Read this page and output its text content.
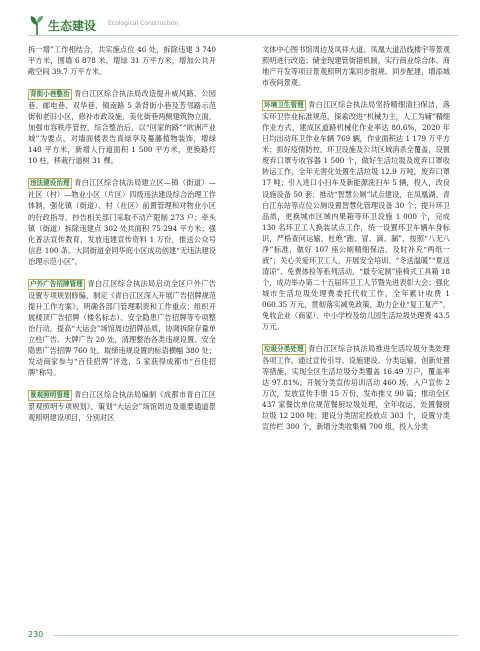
生态建设 Ecological Construction

拆一增”工作相结合，共实施点位 46 处，拆除违建 3 740 平方米，围墙 6 878 米，增绿 31 万平方米，增加公共开敞空间 39.7 万平方米。

背街小巷整治 青白江区综合执法局改造提升威风路、公园巷、邮电巷、双华巷、镇南路 5 条背街小巷及芳邻路示范街和老旧小区，修补市政设施，美化街巷两侧建筑物立面，加强市容秩序管控，综合整治后，以“回家的路”“欧洲产业城”为要点，对墙面楼表告真绿享及蔓藤植物装饰，增绿 140 平方米，新增人行道面积 1 500 平方米，更换路灯 10 柱，移栽行道树 31 棵。

违法建设治理 青白江区综合执法局建立区—镇（街道）—社区（村）—物业小区（片区）四级违法建设综合治理工作体制，强化镇（街道）、村（社区）前置管理和对物业小区的行政指导，抄告相关部门采取不动产限制 273 户；牵头镇（街道）拆除违建点 302 处共面积 75 294 平方米；强化普法宣传教育，发放违建宣传资料 1 万份，推送公众号信息 100 条。大同街道金同华庭小区成功创建“无违法建设治理示范小区”。

户外广告招牌管理 青白江区综合执法局启动全区户外广告设置专项规划修编，制定《青白江区深入开展广告招牌规范提升工作方案》，明确各部门管理职责和工作重点；组织开展楼顶广告招牌（楼名标志）、安全隐患广告招牌等专项整治行动，提高“大运会”场馆周边招牌品质，协调拆除存量单立柱广告、大牌广告 20 处，清理整治各类违规设置、安全隐患广告招牌 760 处，取缔违规设置的标语横幅 380 处；发动商家参与“百佳招牌”评选，5 家获得成都市“百佳招牌”称号。

景观照明管理 青白江区综合执法局编制《成都市青白江区景观照明专项规划》，策划“大运会”场馆周边及重要通道景观照明建设项目，分别对区

文体中心图书馆周边及凤祥大道、凤凰大道沿线楼宇等景观照明进行改造；储金现建管街措机制，实行商业综合体、商地产开发等项目景观照明方案同步报规、同步配建，增添城市夜间景观。

环境卫生管理 青白江区综合执法局坚持精细清扫保洁，落实环卫作业标准规范，探索改进“机械为主，人工为辅”精细作业方式，建成区道路机械化作业率达 80.6%，2020 年日均出动环卫作业车辆 769 辆，作业面积达 1 179 万平方米；抓好疫情防控，环卫设施及公共区域消杀全覆盖，设置废弃口罩专收容器 1 500 个，做好生活垃圾及废弃口罩收转运工作，全年无害化处置生活垃圾 12.9 万吨，废弃口罩 17 吨；引入进口小扫车及新能源洗扫车 5 辆，投入，改良设施设备 50 套；推动“智慧公厕”试点建设，在凤凰湖、青白江东站等点位公厕设置智慧化管理设备 30 个；提升环卫品质，更换城市区域内果箱等环卫设施 1 000 个，完成 130 名环卫工人换装试点工作，统一设置环卫车辆车身标识，严格查问运输，杜绝“跑、冒、滴、漏”，按照“八无八净”标准，做好 107 座公厕精细保洁，及时补充“两纸一液”；关心关爱环卫工人，开展安全培训、“冬送温暖”“夏送清凉”、免费体检等系列活动，“最专定制”座椅式工具箱 18 个，成功举办第二十五届环卫工人节暨先进表彰大会；强化城市生活垃圾处理费委托代收工作，全年累计收费 1 060.35 万元，贯彻落实减免政策，助力企业“复工复产”，免收企业（商家）、中小学校及幼儿园生活垃圾处理费 43.5 万元。

垃圾分类处理 青白江区综合执法局推进生活垃圾分类处理各项工作，通过宣传引导、设施建设、分类运输、创新处置等措施，实现全区生活垃圾分类覆盖 16.49 万户，覆盖率达 97.81%；开展分类宣传培训活动 460 场，入户宣传 2 万次，发放宣传手册 15 万份，发布推文 90 篇；推动全区 437 家餐饮单位规范餐厨垃圾处理，全年收运、处置餐厨垃圾 12 200 吨；建设分类固定投放点 303 个，设置分类宣传栏 300 个，新增分类收集桶 700 组，投入分类

230
